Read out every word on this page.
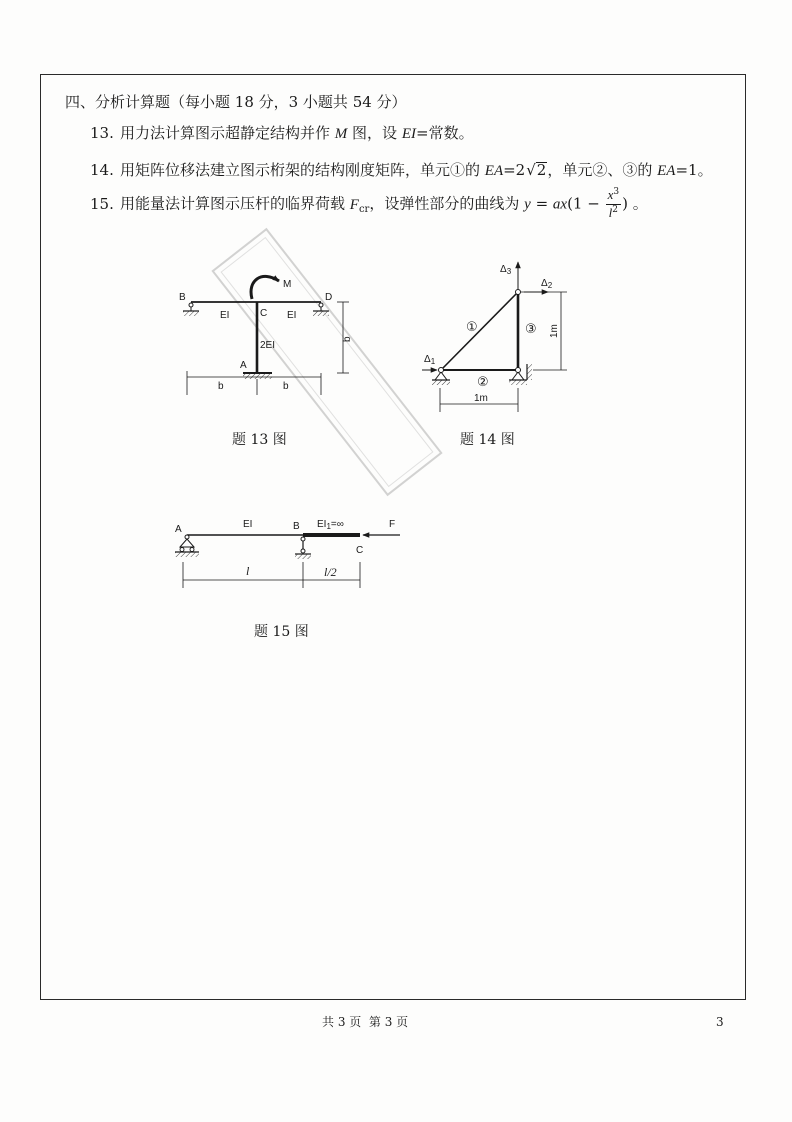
四、分析计算题（每小题 18 分，3 小题共 54 分）
13. 用力法计算图示超静定结构并作 M 图，设 EI=常数。
14. 用矩阵位移法建立图示桁架的结构刚度矩阵，单元①的 EA=2√2，单元②、③的 EA=1。
15. 用能量法计算图示压杆的临界荷载 $F_{cr}$，设弹性部分的曲线为 $y = ax(1 - \frac{x^3}{l^2}$ ) 。
B	D
C
A
M
EI	EI
2EI
b	b
b
$\Delta_3$
$\Delta_2$
$\Delta_1$
①
②
③
1m
1m
A	EI	B $EI_1=\infty$	F
C
l	l/2
题 13 图	题 14 图
题 15 图
共 3 页  第 3 页	3
